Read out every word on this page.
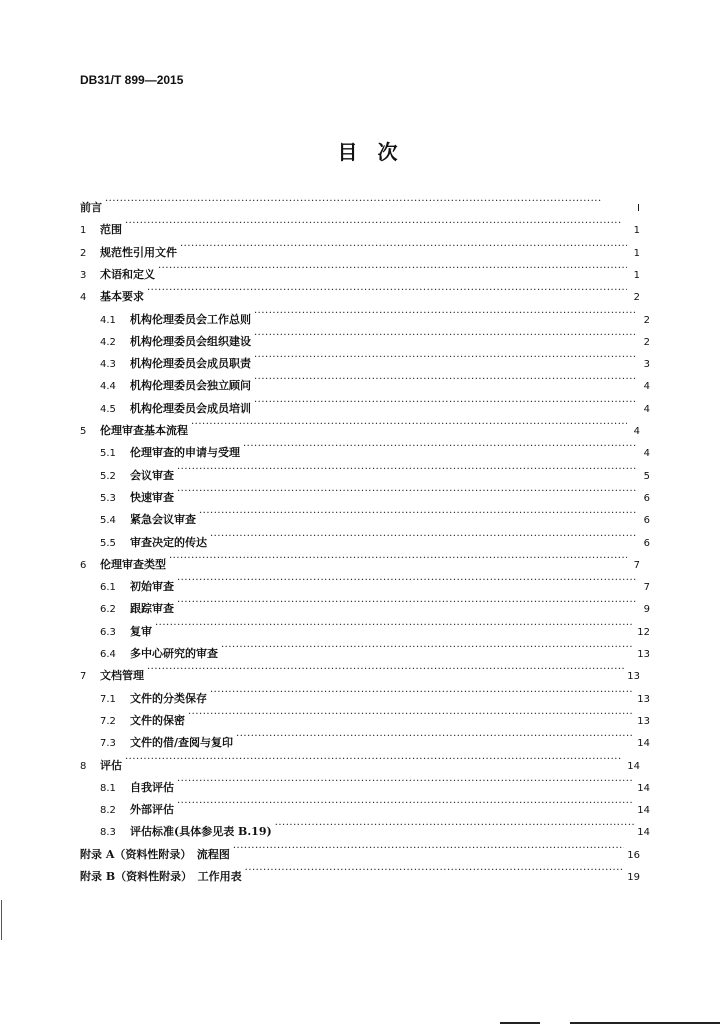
DB31/T 899—2015
目　次
前言 ·····	I
1	范围 ·····	1
2	规范性引用文件 ·····	1
3	术语和定义 ·····	1
4	基本要求 ·····	2
4.1	机构伦理委员会工作总则 ·····	2
4.2	机构伦理委员会组织建设 ·····	2
4.3	机构伦理委员会成员职责 ·····	3
4.4	机构伦理委员会独立顾问 ·····	4
4.5	机构伦理委员会成员培训 ·····	4
5	伦理审查基本流程 ·····	4
5.1	伦理审查的申请与受理 ·····	4
5.2	会议审查 ·····	5
5.3	快速审查 ·····	6
5.4	紧急会议审查 ·····	6
5.5	审查决定的传达 ·····	6
6	伦理审查类型 ·····	7
6.1	初始审查 ·····	7
6.2	跟踪审查 ·····	9
6.3	复审 ·····	12
6.4	多中心研究的审查 ·····	13
7	文档管理 ·····	13
7.1	文件的分类保存 ·····	13
7.2	文件的保密 ·····	13
7.3	文件的借/查阅与复印 ·····	14
8	评估 ·····	14
8.1	自我评估 ·····	14
8.2	外部评估 ·····	14
8.3	评估标准(具体参见表 B.19) ·····	14
附录 A（资料性附录）　流程图 ·····	16
附录 B（资料性附录）　工作用表 ·····	19
